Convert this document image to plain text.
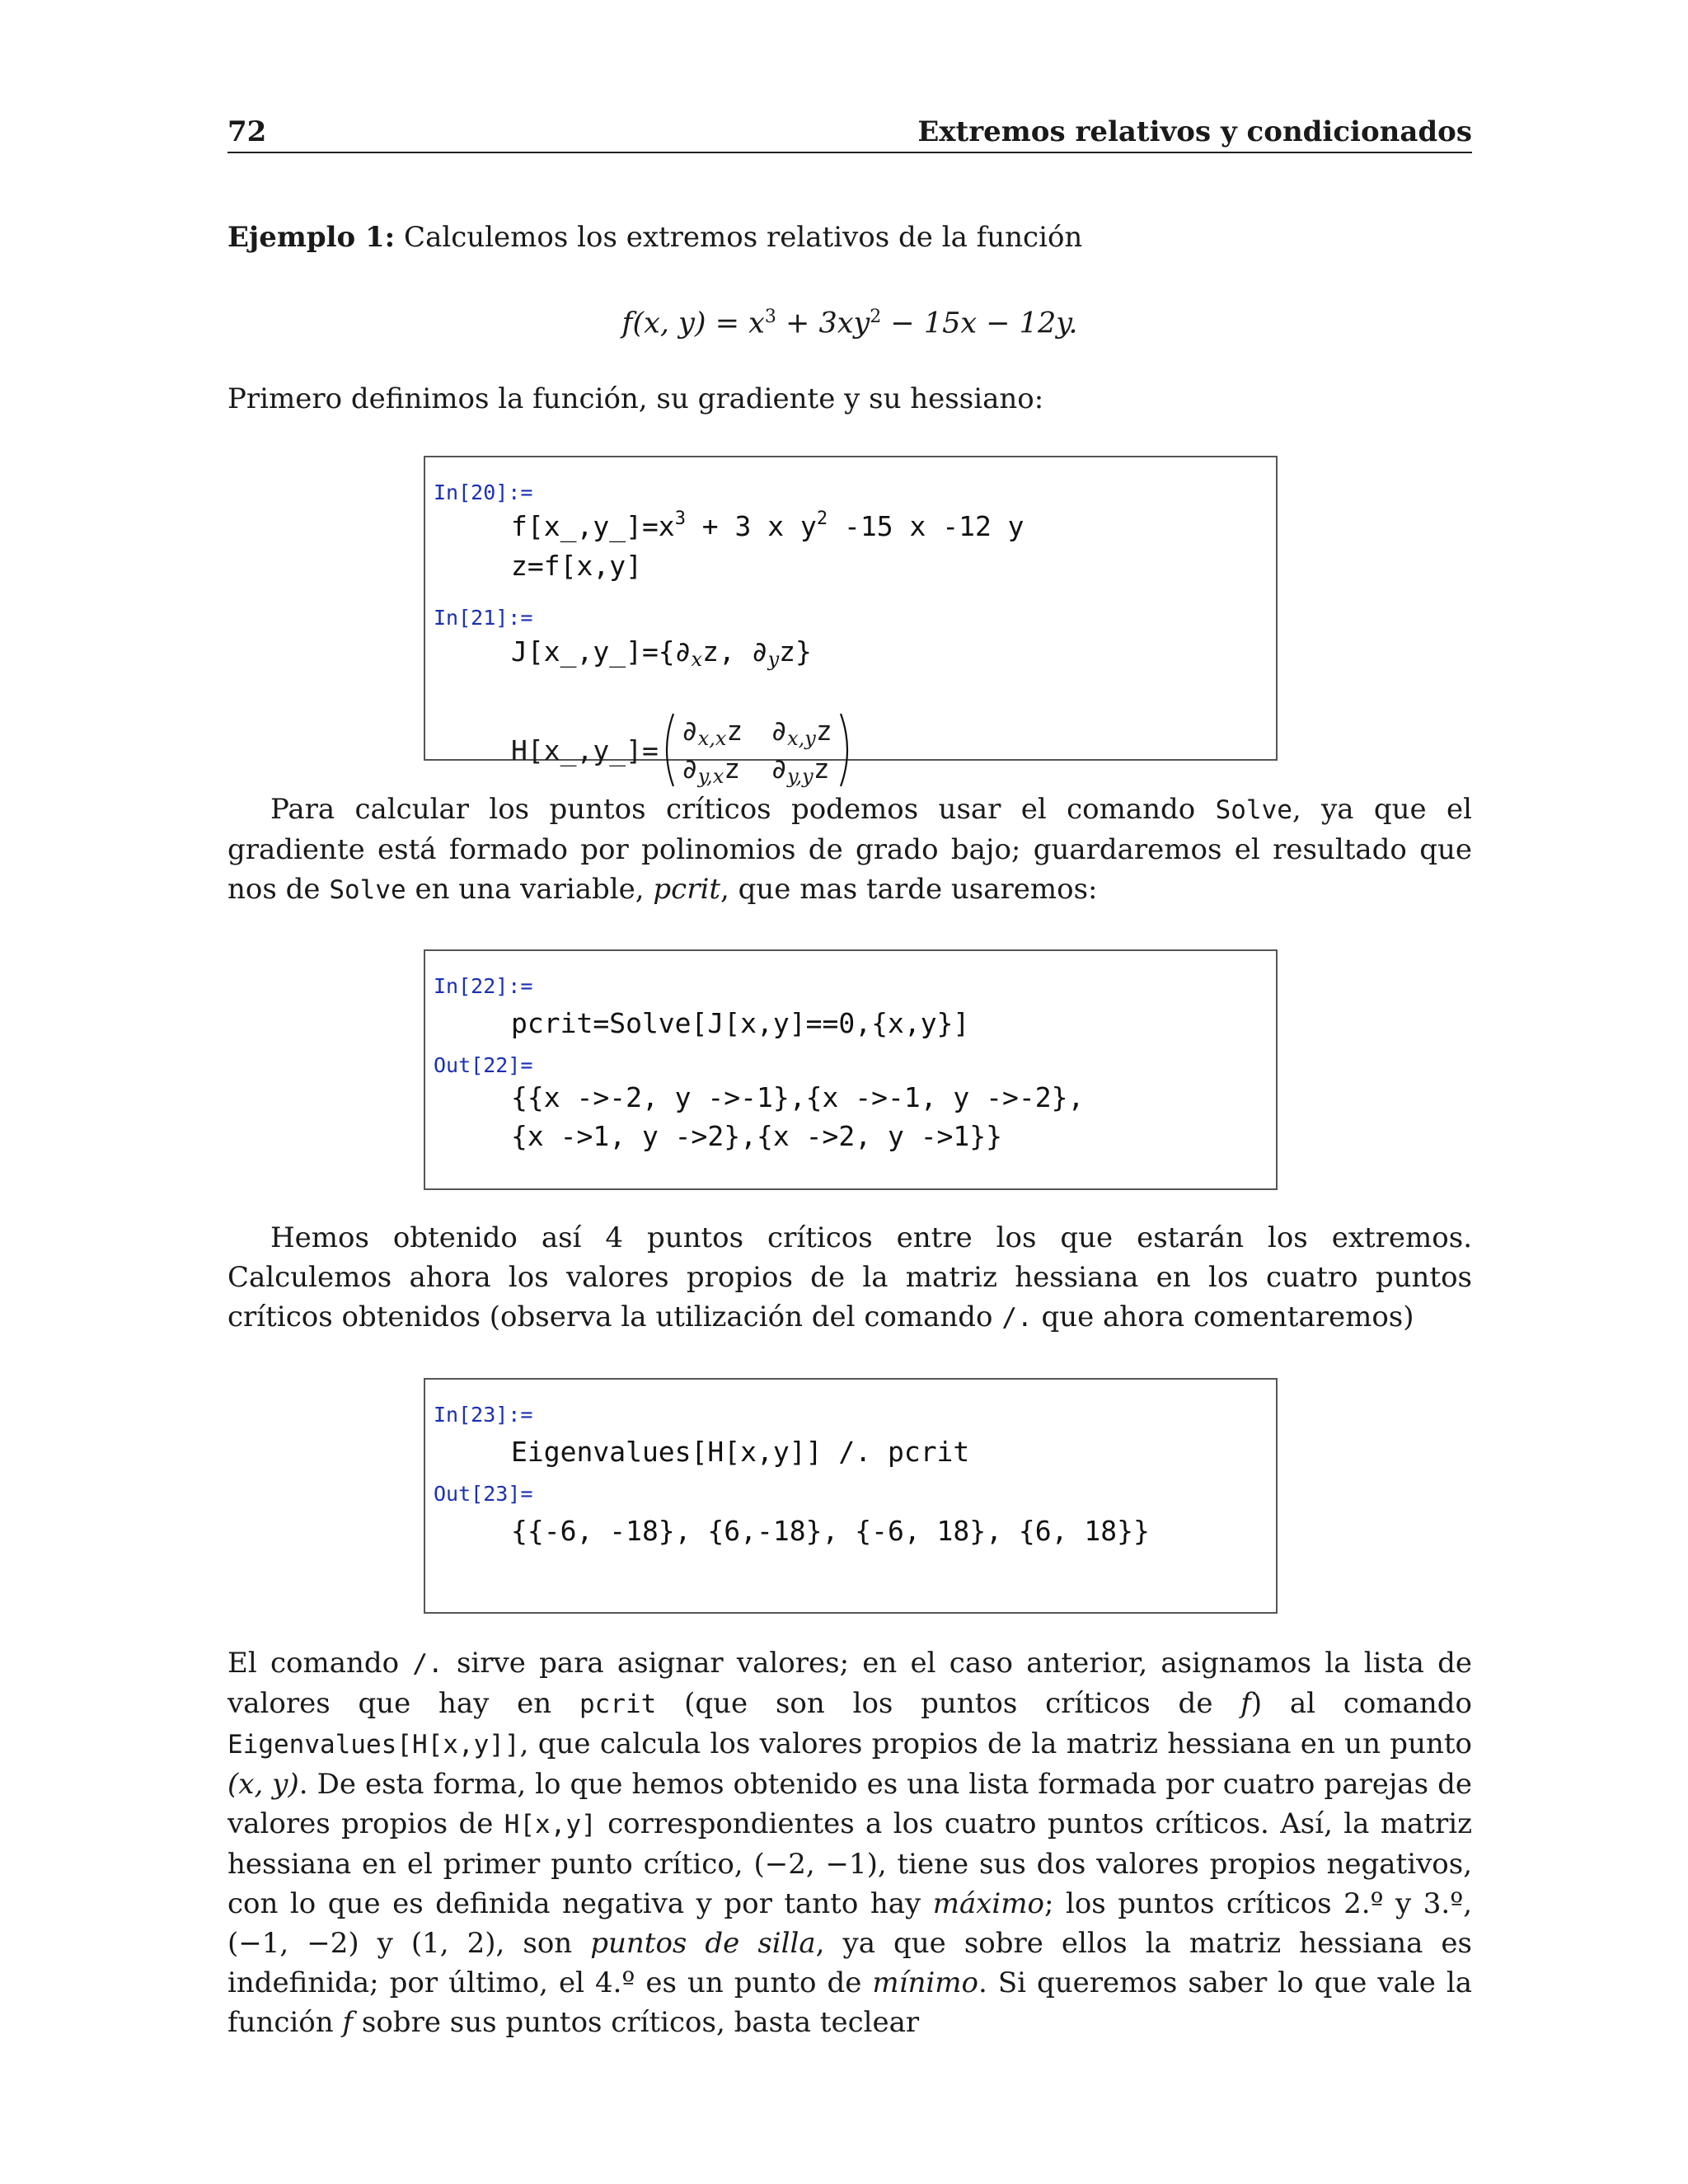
72	Extremos relativos y condicionados

Ejemplo 1: Calculemos los extremos relativos de la función

f(x, $y) = x^3 + 3xy^2 - 15x - 12y$.

Primero definimos la función, su gradiente y su hessiano:

In[20]:=
$f[x\_,y\_]=x^3 + 3$ x $y^2$ -15 x -12 y
z=f[x,y]
In[21]:=
$J[x\_,y\_]=\{\partial_xz$, $\partial_yz$}
H[x_,y_]=
$\partial_{x,x}z$ $\partial_{x,y}z$
$\partial_{y,x}z$ $\partial_{y,y}z$

Para calcular los puntos críticos podemos usar el comando Solve, ya que el gradiente está formado por polinomios de grado bajo; guardaremos el resultado que nos de Solve en una variable, pcrit, que mas tarde usaremos:

In[22]:=
pcrit=Solve[J[x,y]==0,{x,y}]
Out[22]=
{{x ->-2, y ->-1},{x ->-1, y ->-2},
{x ->1, y ->2},{x ->2, y ->1}}

Hemos obtenido así 4 puntos críticos entre los que estarán los extremos. Calculemos ahora los valores propios de la matriz hessiana en los cuatro puntos críticos obtenidos (observa la utilización del comando /. que ahora comentaremos)

In[23]:=
Eigenvalues[H[x,y]] /. pcrit
Out[23]=
{{-6, -18}, {6,-18}, {-6, 18}, {6, 18}}

El comando /. sirve para asignar valores; en el caso anterior, asignamos la lista de valores que hay en pcrit (que son los puntos críticos de f) al comando Eigenvalues[H[x,y]], que calcula los valores propios de la matriz hessiana en un punto (x, y). De esta forma, lo que hemos obtenido es una lista formada por cuatro parejas de valores propios de H[x,y] correspondientes a los cuatro puntos críticos. Así, la matriz hessiana en el primer punto crítico, (−2, −1), tiene sus dos valores propios negativos, con lo que es definida negativa y por tanto hay máximo; los puntos críticos 2.º y 3.º, (−1, −2) y (1, 2), son puntos de silla, ya que sobre ellos la matriz hessiana es indefinida; por último, el 4.º es un punto de mínimo. Si queremos saber lo que vale la función f sobre sus puntos críticos, basta teclear
